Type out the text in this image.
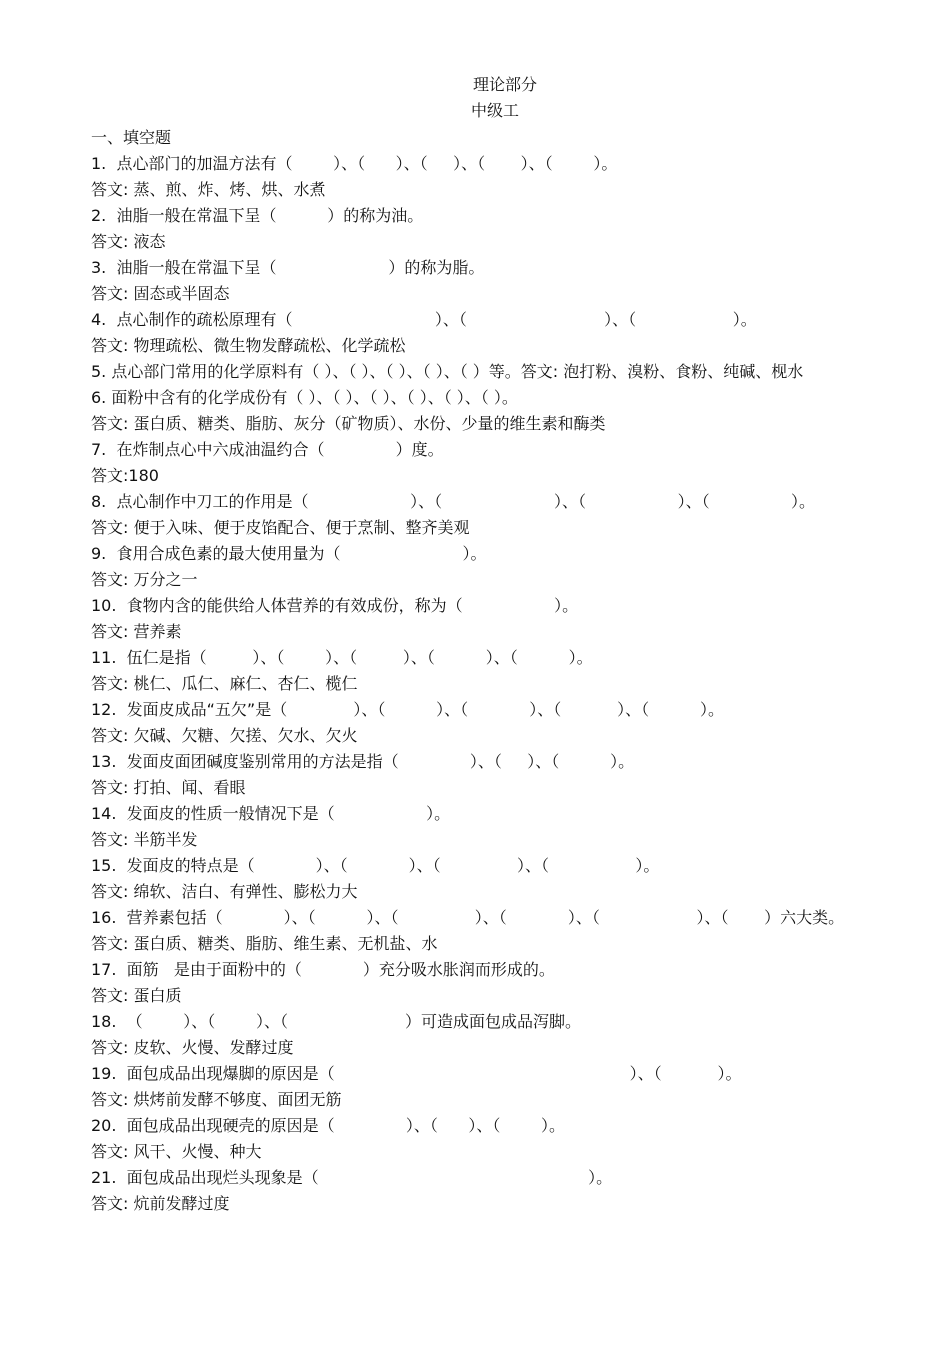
理论部分
中级工
一、填空题
1.  点心部门的加温方法有（        ）、（      ）、（     ）、（       ）、（        ）。
答文: 蒸、煎、炸、烤、烘、水煮
2.  油脂一般在常温下呈（          ）的称为油。
答文: 液态
3.  油脂一般在常温下呈（                      ）的称为脂。
答文: 固态或半固态
4.  点心制作的疏松原理有（                            ）、（                           ）、（                   ）。
答文: 物理疏松、微生物发酵疏松、化学疏松
5. 点心部门常用的化学原料有（ ）、（ ）、（ ）、（ ）、（ ）等。答文: 泡打粉、溴粉、食粉、纯碱、枧水
6. 面粉中含有的化学成份有（ ）、（ ）、（ ）、（ ）、（ ）、（ ）。
答文: 蛋白质、糖类、脂肪、灰分（矿物质）、水份、少量的维生素和酶类
7.  在炸制点心中六成油温约合（              ）度。
答文:180
8.  点心制作中刀工的作用是（                    ）、（                      ）、（                  ）、（                ）。
答文: 便于入味、便于皮馅配合、便于烹制、整齐美观
9.  食用合成色素的最大使用量为（                        ）。
答文: 万分之一
10.  食物内含的能供给人体营养的有效成份，称为（                  ）。
答文: 营养素
11.  伍仁是指（         ）、（        ）、（         ）、（          ）、（          ）。
答文: 桃仁、瓜仁、麻仁、杏仁、榄仁
12.  发面皮成品“五欠”是（             ）、（          ）、（            ）、（           ）、（          ）。
答文: 欠碱、欠糖、欠搓、欠水、欠火
13.  发面皮面团碱度鉴别常用的方法是指（              ）、（     ）、（          ）。
答文: 打拍、闻、看眼
14.  发面皮的性质一般情况下是（                  ）。
答文: 半筋半发
15.  发面皮的特点是（            ）、（            ）、（               ）、（                 ）。
答文: 绵软、洁白、有弹性、膨松力大
16.  营养素包括（            ）、（          ）、（               ）、（            ）、（                   ）、（       ）六大类。
答文: 蛋白质、糖类、脂肪、维生素、无机盐、水
17.  面筋   是由于面粉中的（            ）充分吸水胀润而形成的。
答文: 蛋白质
18.  （        ）、（        ）、（                       ）可造成面包成品泻脚。
答文: 皮软、火慢、发酵过度
19.  面包成品出现爆脚的原因是（                                                          ）、（           ）。
答文: 烘烤前发酵不够度、面团无筋
20.  面包成品出现硬壳的原因是（              ）、（      ）、（        ）。
答文: 风干、火慢、种大
21.  面包成品出现烂头现象是（                                                     ）。
答文: 炕前发酵过度
